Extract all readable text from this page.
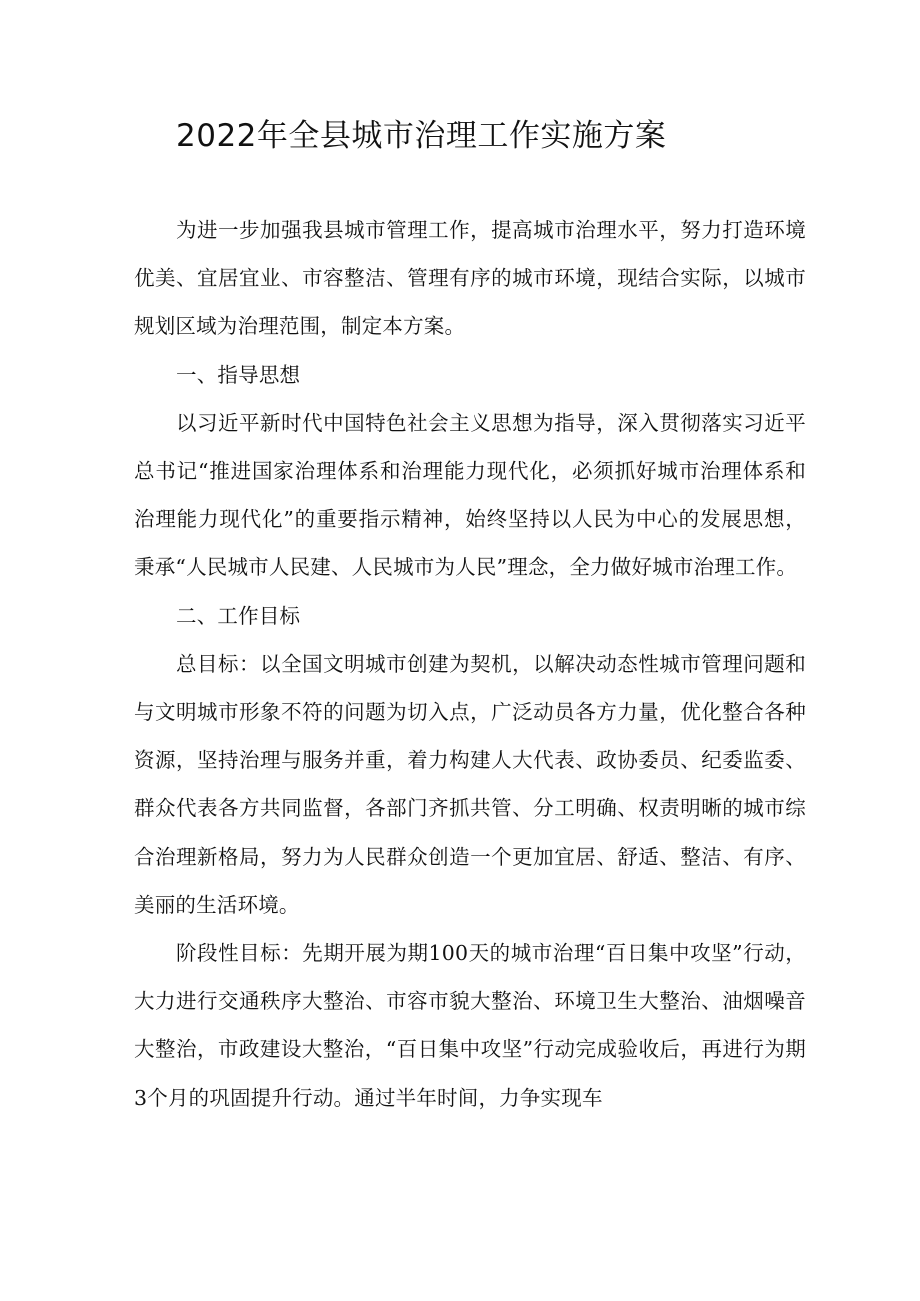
2022年全县城市治理工作实施方案

为进一步加强我县城市管理工作，提高城市治理水平，努力打造环境优美、宜居宜业、市容整洁、管理有序的城市环境，现结合实际，以城市规划区域为治理范围，制定本方案。

一、指导思想

以习近平新时代中国特色社会主义思想为指导，深入贯彻落实习近平总书记“推进国家治理体系和治理能力现代化，必须抓好城市治理体系和治理能力现代化”的重要指示精神，始终坚持以人民为中心的发展思想，秉承“人民城市人民建、人民城市为人民”理念，全力做好城市治理工作。

二、工作目标

总目标：以全国文明城市创建为契机，以解决动态性城市管理问题和与文明城市形象不符的问题为切入点，广泛动员各方力量，优化整合各种资源，坚持治理与服务并重，着力构建人大代表、政协委员、纪委监委、群众代表各方共同监督，各部门齐抓共管、分工明确、权责明晰的城市综合治理新格局，努力为人民群众创造一个更加宜居、舒适、整洁、有序、美丽的生活环境。

阶段性目标：先期开展为期100天的城市治理“百日集中攻坚”行动，大力进行交通秩序大整治、市容市貌大整治、环境卫生大整治、油烟噪音大整治，市政建设大整治，“百日集中攻坚”行动完成验收后，再进行为期3个月的巩固提升行动。通过半年时间，力争实现车
